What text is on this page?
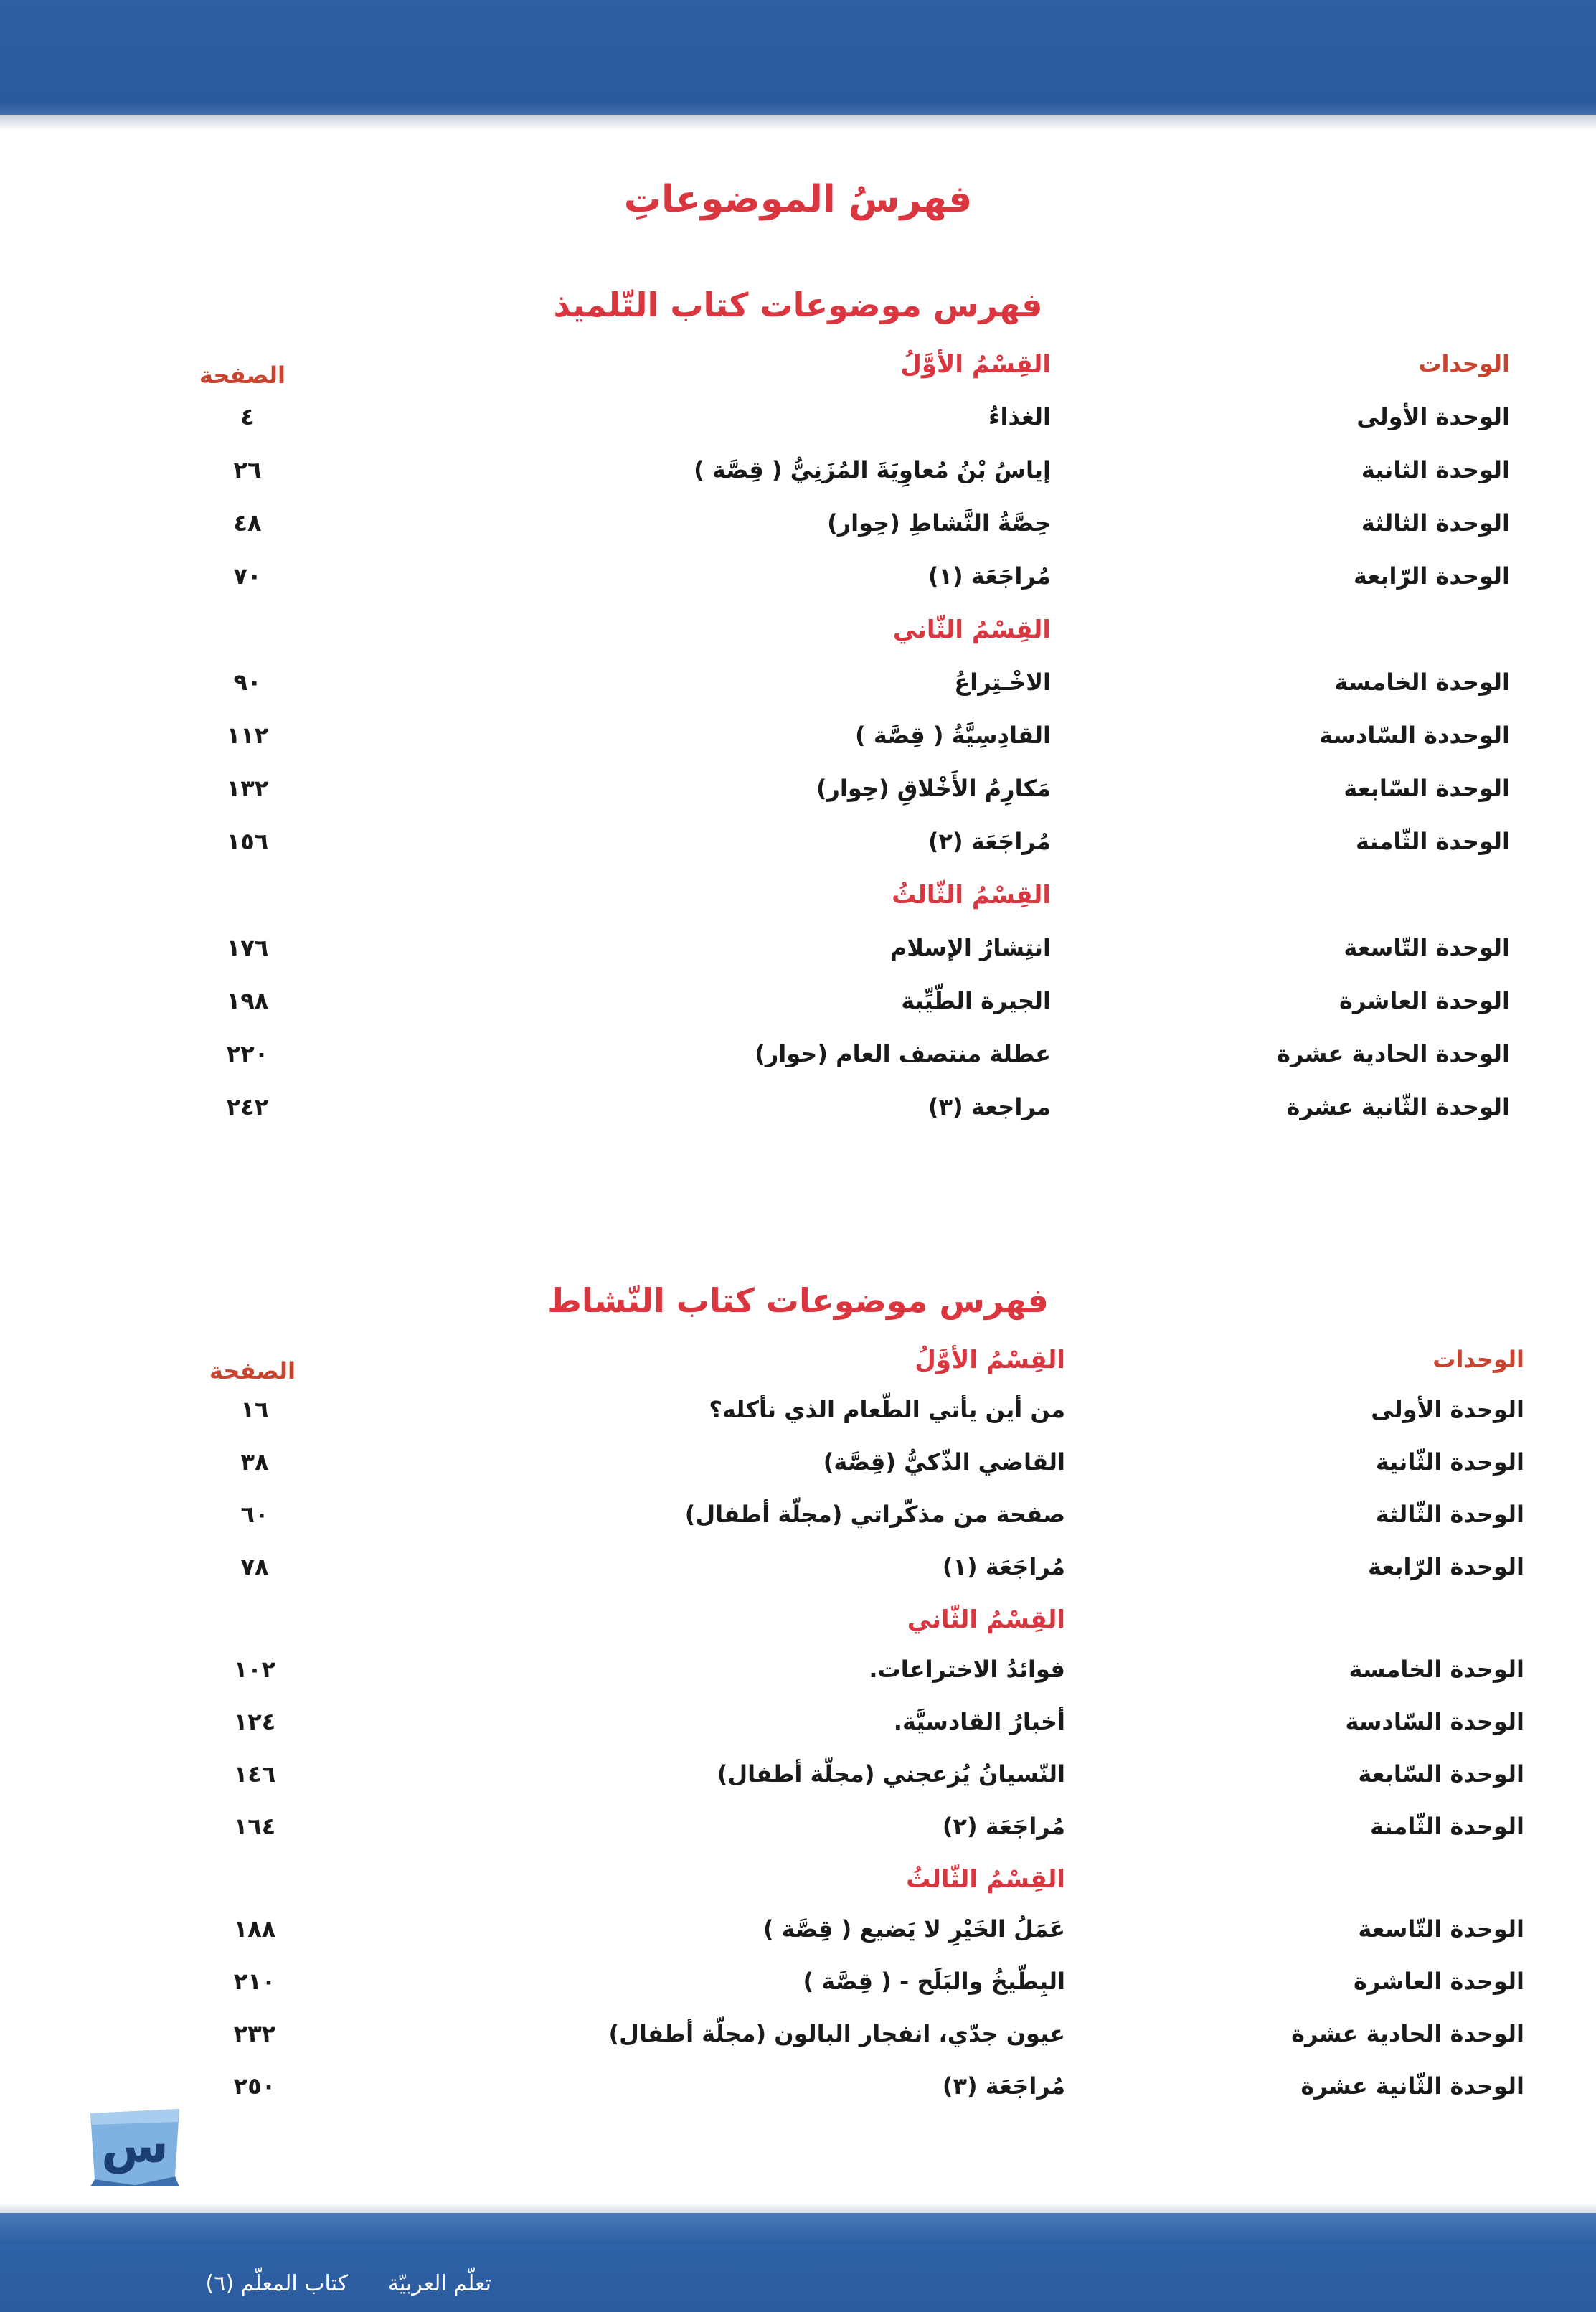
فهرسُ الموضوعاتِ
فهرس موضوعات كتاب التّلميذ
الوحدات
الصفحة	القِسْمُ الأوَّلُ
الوحدة الأولى
الغذاءُ
٤
الوحدة الثانية
إياسُ بْنُ مُعاوِيَةَ المُزَنِيُّ ( قِصَّة )
٢٦
الوحدة الثالثة
حِصَّةُ النَّشاطِ (حِوار)
٤٨
الوحدة الرّابعة
مُراجَعَة (١)
٧٠
القِسْمُ الثّاني
الوحدة الخامسة
الاخْـتِراعُ
٩٠
الوحددة السّادسة
القادِسِيَّةُ ( قِصَّة )
١١٢
الوحدة السّابعة
مَكارِمُ الأَخْلاقِ (حِوار)
١٣٢
الوحدة الثّامنة
مُراجَعَة (٢)
١٥٦
القِسْمُ الثّالثُ
الوحدة التّاسعة
انتِشارُ الإسلام
١٧٦
الوحدة العاشرة
الجيرة الطّيِّبة
١٩٨
الوحدة الحادية عشرة
عطلة منتصف العام (حوار)
٢٢٠
الوحدة الثّانية عشرة
مراجعة (٣)
٢٤٢
فهرس موضوعات كتاب النّشاط
الوحدات
الصفحة	القِسْمُ الأوَّلُ
الوحدة الأولى
من أين يأتي الطّعام الذي نأكله؟
١٦
الوحدة الثّانية
القاضي الذّكيُّ (قِصَّة)
٣٨
الوحدة الثّالثة
صفحة من مذكّراتي (مجلّة أطفال)
٦٠
الوحدة الرّابعة
مُراجَعَة (١)
٧٨
القِسْمُ الثّاني
الوحدة الخامسة
فوائدُ الاختراعات.
١٠٢
الوحدة السّادسة
أخبارُ القادسيَّة.
١٢٤
الوحدة السّابعة
النّسيانُ يُزعجني (مجلّة أطفال)
١٤٦
الوحدة الثّامنة
مُراجَعَة (٢)
١٦٤
القِسْمُ الثّالثُ
الوحدة التّاسعة
عَمَلُ الخَيْرِ لا يَضيع ( قِصَّة )
١٨٨
الوحدة العاشرة
البِطّيخُ والبَلَح - ( قِصَّة )
٢١٠
الوحدة الحادية عشرة
عيون جدّي، انفجار البالون (مجلّة أطفال)
٢٣٢
الوحدة الثّانية عشرة
مُراجَعَة (٣)
٢٥٠
س
تعلّم العربيّة
كتاب المعلّم (٦)
